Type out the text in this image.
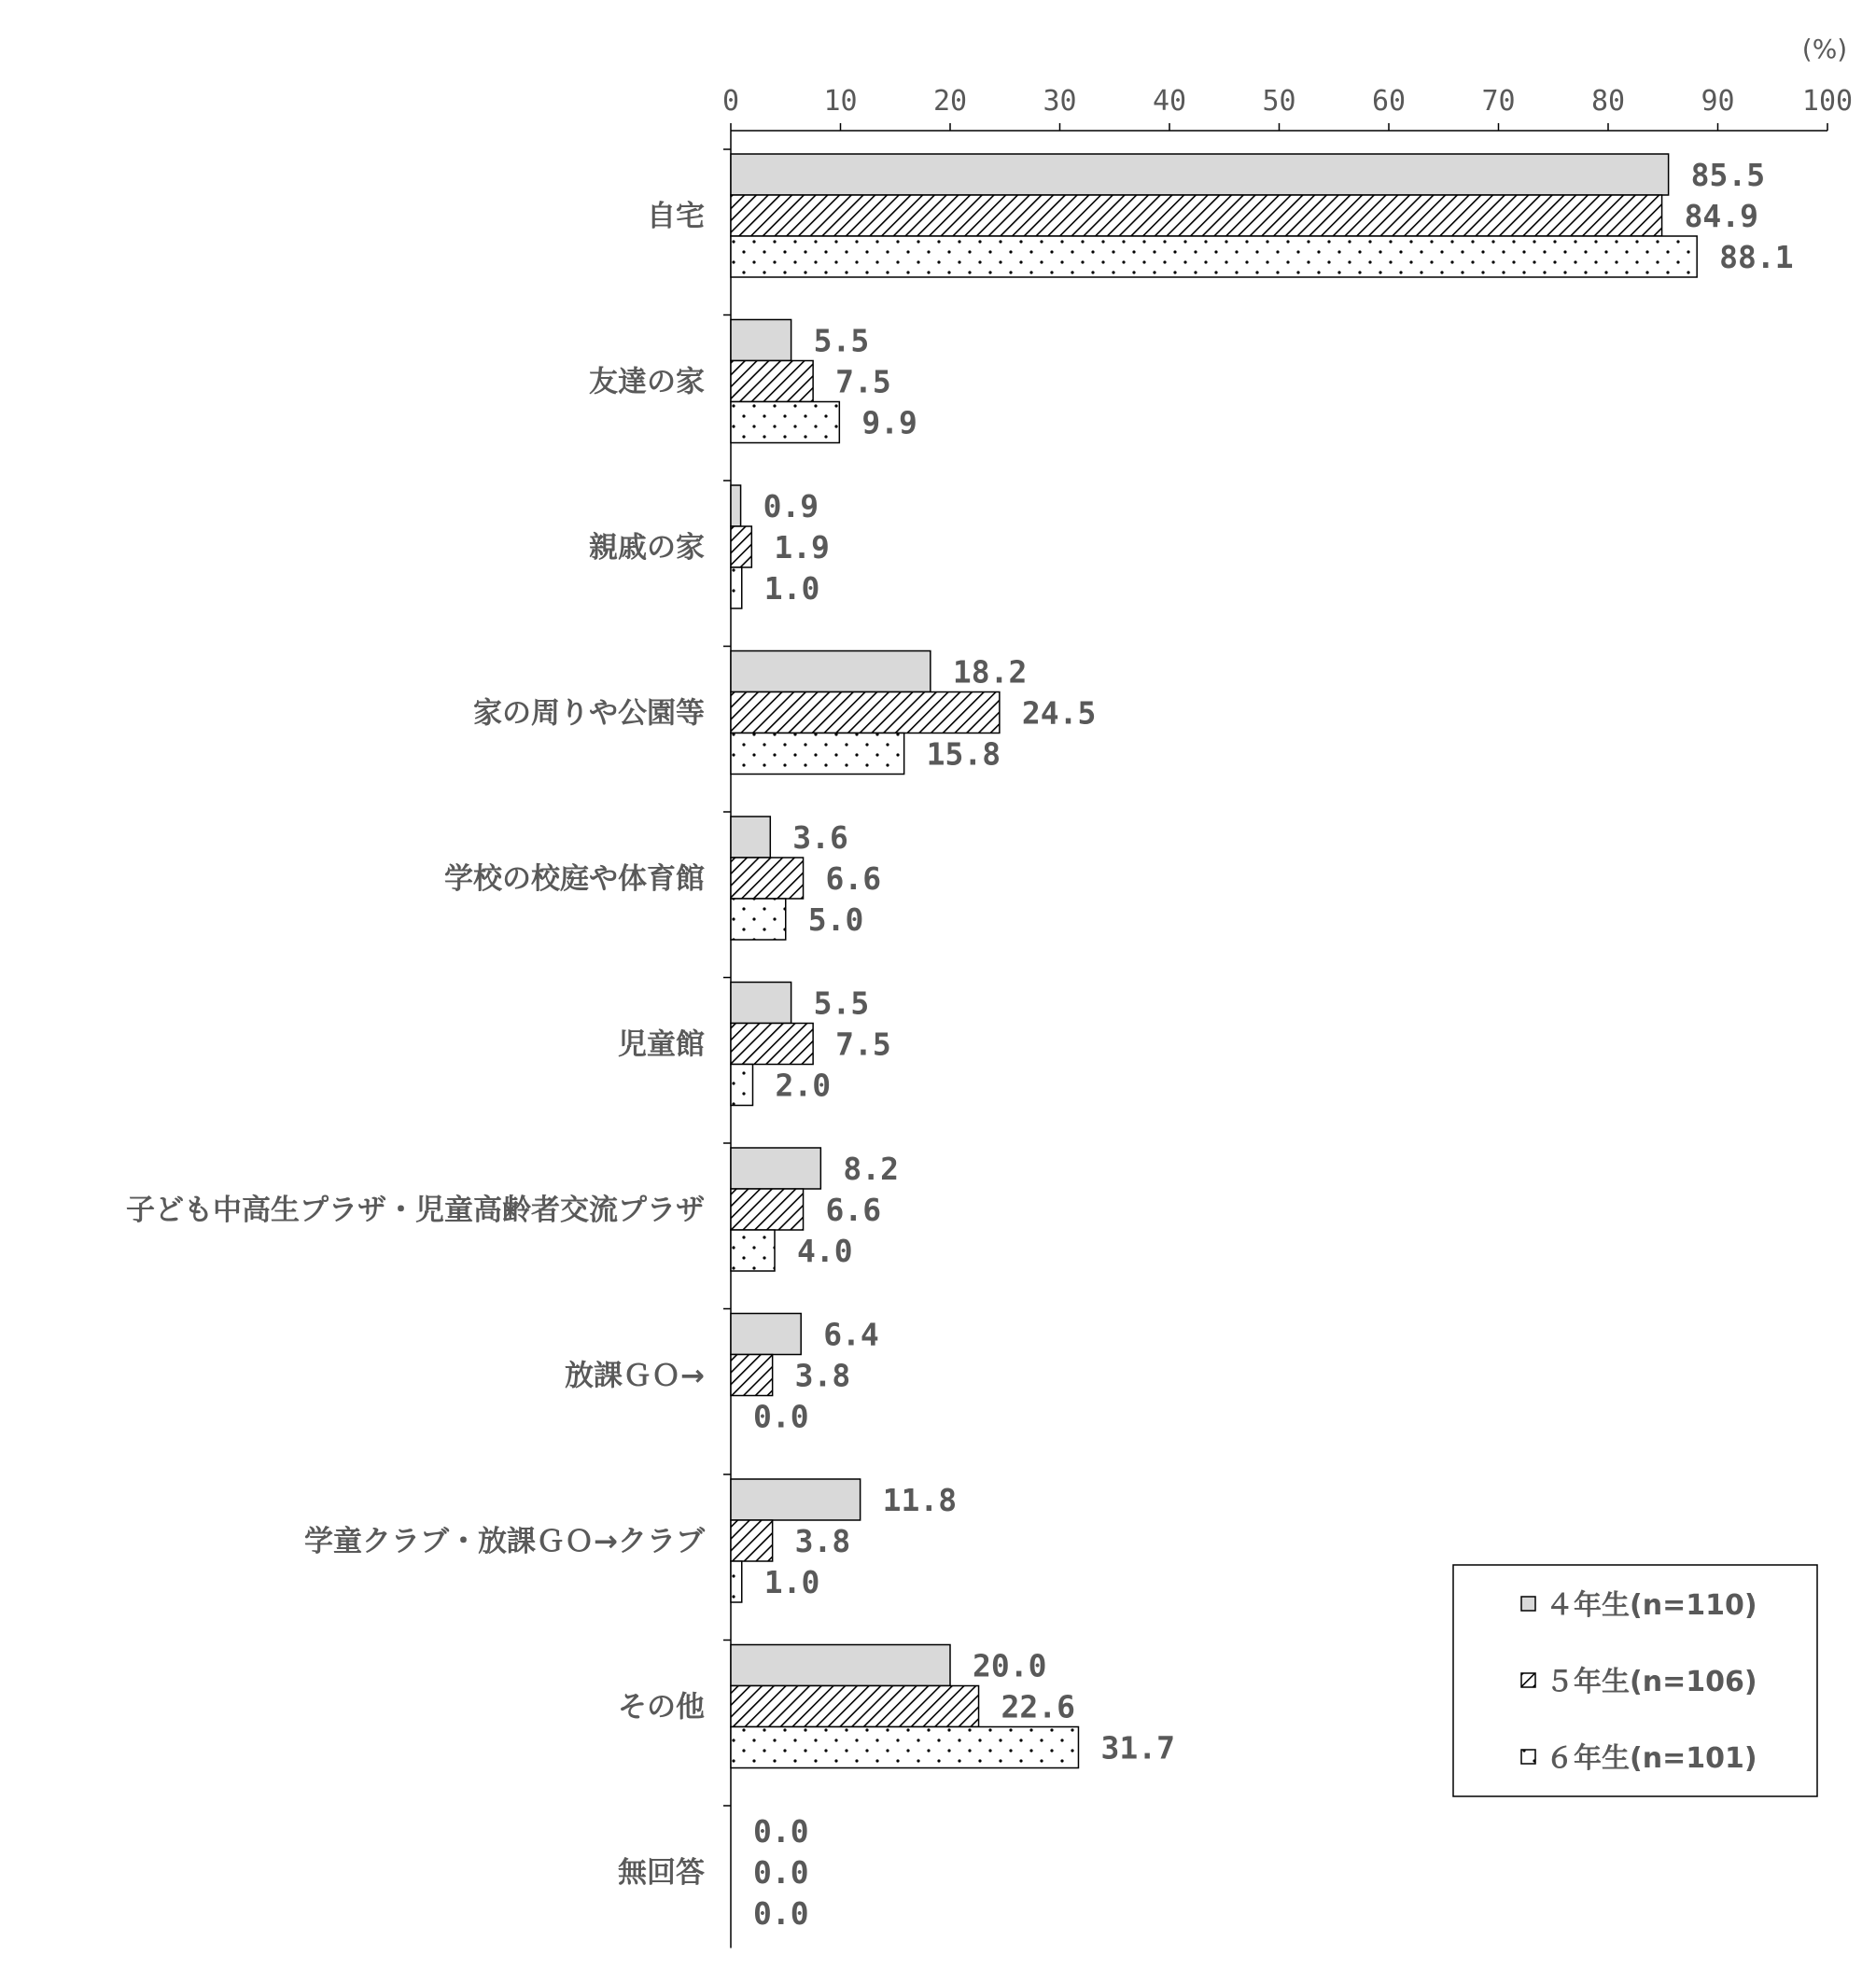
(%)
0	10	20	30	40	50	60	70	80	90 100
自宅
85.5
84.9
88.1
友達の家
5.5
7.5
9.9
親戚の家
0.9
1.9
1.0
家の周りや公園等
18.2
24.5
15.8
学校の校庭や体育館
3.6
6.6
5.0
児童館
5.5
7.5
2.0
子ども中高生プラザ・児童高齢者交流プラザ
8.2
6.6
4.0
放課ＧＯ→
6.4
3.8
0.0
学童クラブ・放課ＧＯ→クラブ
11.8
3.8
1.0
その他
20.0
22.6
31.7
無回答
0.0
0.0
0.0
４年生(n=110)
５年生(n=106)
６年生(n=101)
